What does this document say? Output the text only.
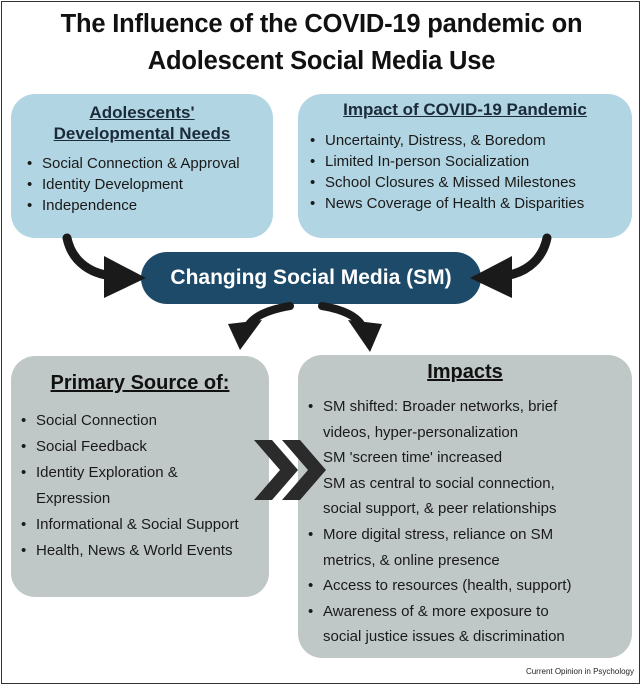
The Influence of the COVID-19 pandemic on
Adolescent Social Media Use
Adolescents'
Developmental Needs
• Social Connection & Approval
• Identity Development
• Independence
Impact of COVID-19 Pandemic
• Uncertainty, Distress, & Boredom
• Limited In-person Socialization
• School Closures & Missed Milestones
• News Coverage of Health & Disparities
Changing Social Media (SM)
Primary Source of:
• Social Connection
• Social Feedback
• Identity Exploration &
Expression
• Informational & Social Support
• Health, News & World Events
Impacts
• SM shifted: Broader networks, brief
videos, hyper-personalization
• SM 'screen time' increased
• SM as central to social connection,
social support, & peer relationships
• More digital stress, reliance on SM
metrics, & online presence
• Access to resources (health, support)
• Awareness of & more exposure to
social justice issues & discrimination
Current Opinion in Psychology
